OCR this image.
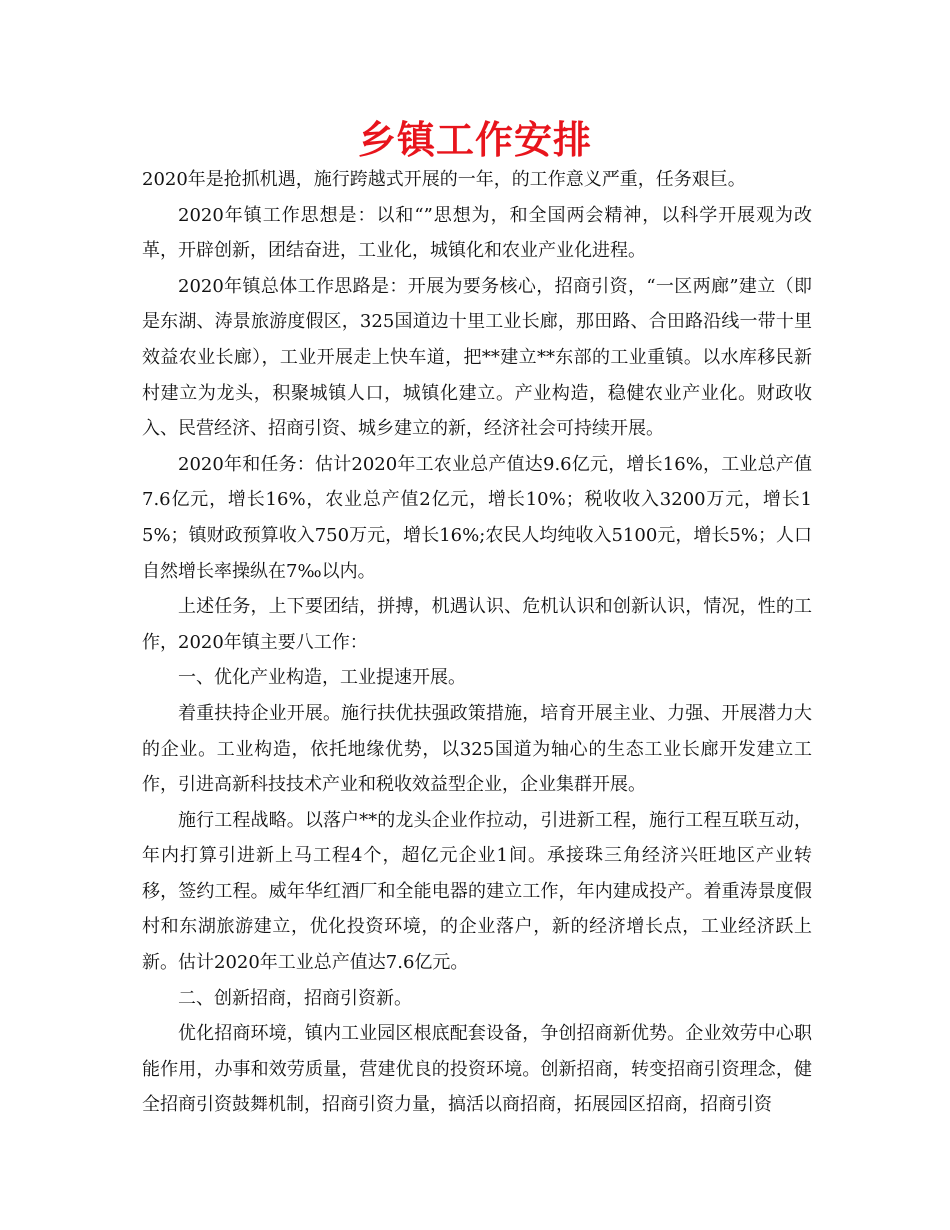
乡镇工作安排

2020年是抢抓机遇，施行跨越式开展的一年，的工作意义严重，任务艰巨。

2020年镇工作思想是：以和“”思想为，和全国两会精神，以科学开展观为改革，开辟创新，团结奋进，工业化，城镇化和农业产业化进程。

2020年镇总体工作思路是：开展为要务核心，招商引资，“一区两廊”建立（即是东湖、涛景旅游度假区，325国道边十里工业长廊，那田路、合田路沿线一带十里效益农业长廊），工业开展走上快车道，把**建立**东部的工业重镇。以水库移民新村建立为龙头，积聚城镇人口，城镇化建立。产业构造，稳健农业产业化。财政收入、民营经济、招商引资、城乡建立的新，经济社会可持续开展。

2020年和任务：估计2020年工农业总产值达9.6亿元，增长16%，工业总产值7.6亿元，增长16%，农业总产值2亿元，增长10%；税收收入3200万元，增长15%；镇财政预算收入750万元，增长16%;农民人均纯收入5100元，增长5%；人口自然增长率操纵在7‰以内。

上述任务，上下要团结，拼搏，机遇认识、危机认识和创新认识，情况，性的工作，2020年镇主要八工作：

一、优化产业构造，工业提速开展。

着重扶持企业开展。施行扶优扶强政策措施，培育开展主业、力强、开展潜力大的企业。工业构造，依托地缘优势，以325国道为轴心的生态工业长廊开发建立工作，引进高新科技技术产业和税收效益型企业，企业集群开展。

施行工程战略。以落户**的龙头企业作拉动，引进新工程，施行工程互联互动，年内打算引进新上马工程4个，超亿元企业1间。承接珠三角经济兴旺地区产业转移，签约工程。威年华红酒厂和全能电器的建立工作，年内建成投产。着重涛景度假村和东湖旅游建立，优化投资环境，的企业落户，新的经济增长点，工业经济跃上新。估计2020年工业总产值达7.6亿元。

二、创新招商，招商引资新。

优化招商环境，镇内工业园区根底配套设备，争创招商新优势。企业效劳中心职能作用，办事和效劳质量，营建优良的投资环境。创新招商，转变招商引资理念，健全招商引资鼓舞机制，招商引资力量，搞活以商招商，拓展园区招商，招商引资
